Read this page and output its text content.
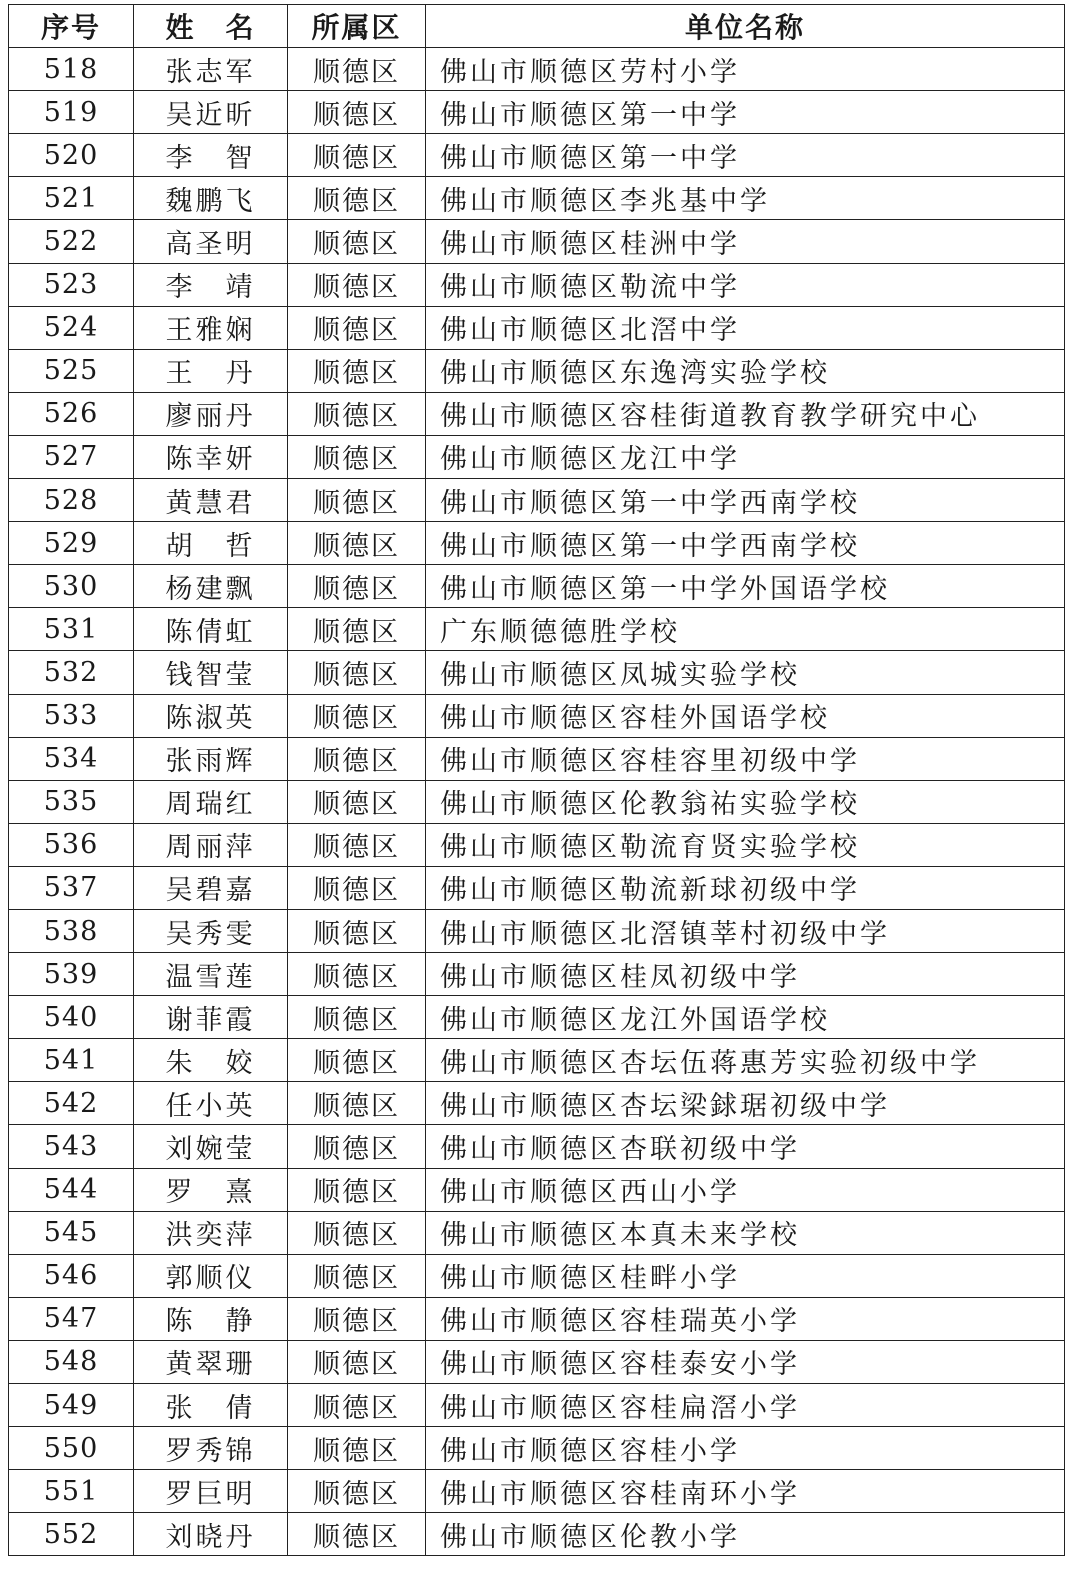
序号	姓　名	所属区	单位名称
518	张志军	顺德区	佛山市顺德区劳村小学
519	吴近昕	顺德区	佛山市顺德区第一中学
520	李　智	顺德区	佛山市顺德区第一中学
521	魏鹏飞	顺德区	佛山市顺德区李兆基中学
522	高圣明	顺德区	佛山市顺德区桂洲中学
523	李　靖	顺德区	佛山市顺德区勒流中学
524	王雅娴	顺德区	佛山市顺德区北滘中学
525	王　丹	顺德区	佛山市顺德区东逸湾实验学校
526	廖丽丹	顺德区	佛山市顺德区容桂街道教育教学研究中心
527	陈幸妍	顺德区	佛山市顺德区龙江中学
528	黄慧君	顺德区	佛山市顺德区第一中学西南学校
529	胡　哲	顺德区	佛山市顺德区第一中学西南学校
530	杨建飘	顺德区	佛山市顺德区第一中学外国语学校
531	陈倩虹	顺德区	广东顺德德胜学校
532	钱智莹	顺德区	佛山市顺德区凤城实验学校
533	陈淑英	顺德区	佛山市顺德区容桂外国语学校
534	张雨辉	顺德区	佛山市顺德区容桂容里初级中学
535	周瑞红	顺德区	佛山市顺德区伦教翁祐实验学校
536	周丽萍	顺德区	佛山市顺德区勒流育贤实验学校
537	吴碧嘉	顺德区	佛山市顺德区勒流新球初级中学
538	吴秀雯	顺德区	佛山市顺德区北滘镇莘村初级中学
539	温雪莲	顺德区	佛山市顺德区桂凤初级中学
540	谢菲霞	顺德区	佛山市顺德区龙江外国语学校
541	朱　姣	顺德区	佛山市顺德区杏坛伍蒋惠芳实验初级中学
542	任小英	顺德区	佛山市顺德区杏坛梁銶琚初级中学
543	刘婉莹	顺德区	佛山市顺德区杏联初级中学
544	罗　熹	顺德区	佛山市顺德区西山小学
545	洪奕萍	顺德区	佛山市顺德区本真未来学校
546	郭顺仪	顺德区	佛山市顺德区桂畔小学
547	陈　静	顺德区	佛山市顺德区容桂瑞英小学
548	黄翠珊	顺德区	佛山市顺德区容桂泰安小学
549	张　倩	顺德区	佛山市顺德区容桂扁滘小学
550	罗秀锦	顺德区	佛山市顺德区容桂小学
551	罗巨明	顺德区	佛山市顺德区容桂南环小学
552	刘晓丹	顺德区	佛山市顺德区伦教小学
